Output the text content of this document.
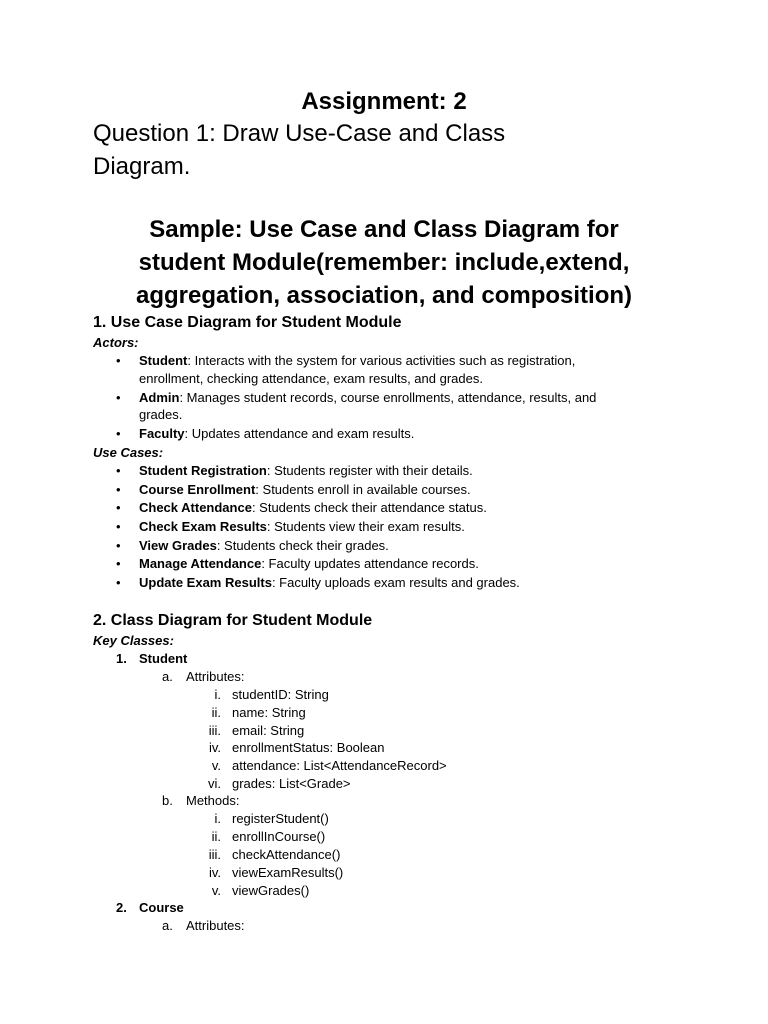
Assignment: 2
Question 1: Draw Use-Case and Class
Diagram.
Sample: Use Case and Class Diagram for
student Module(remember: include,extend,
aggregation, association, and composition)
1. Use Case Diagram for Student Module
Actors:
• Student: Interacts with the system for various activities such as registration,
enrollment, checking attendance, exam results, and grades.
• Admin: Manages student records, course enrollments, attendance, results, and
grades.
• Faculty: Updates attendance and exam results.
Use Cases:
• Student Registration: Students register with their details.
• Course Enrollment: Students enroll in available courses.
• Check Attendance: Students check their attendance status.
• Check Exam Results: Students view their exam results.
• View Grades: Students check their grades.
• Manage Attendance: Faculty updates attendance records.
• Update Exam Results: Faculty uploads exam results and grades.
2. Class Diagram for Student Module
Key Classes:
1. Student
a. Attributes:
i. studentID: String
ii. name: String
iii. email: String
iv. enrollmentStatus: Boolean
v. attendance: List<AttendanceRecord>
vi. grades: List<Grade>
b. Methods:
i. registerStudent()
ii. enrollInCourse()
iii. checkAttendance()
iv. viewExamResults()
v. viewGrades()
2. Course
a. Attributes:
